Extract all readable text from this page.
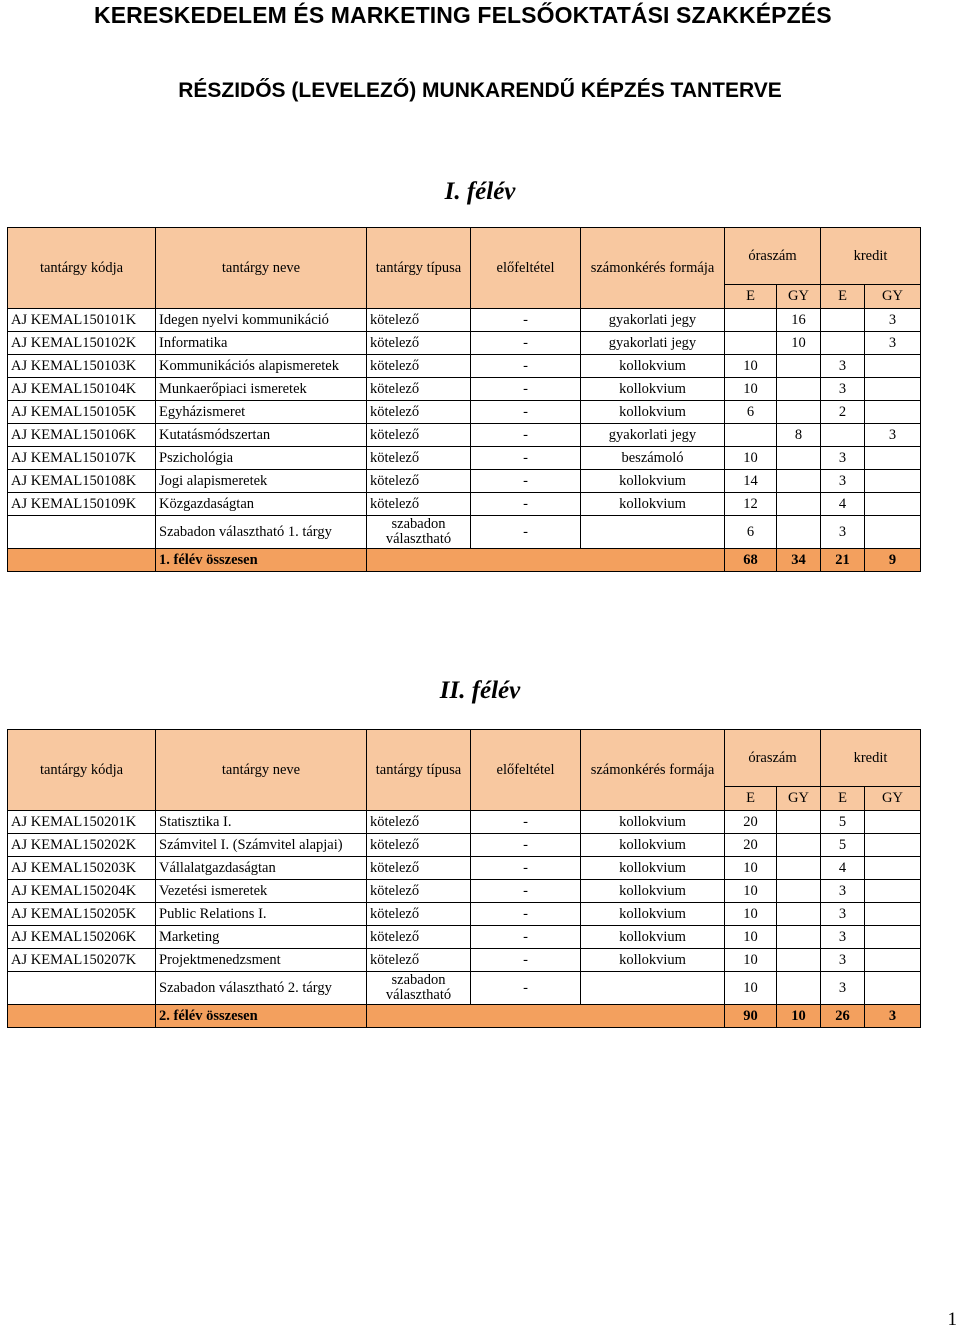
KERESKEDELEM ÉS MARKETING FELSŐOKTATÁSI SZAKKÉPZÉS
RÉSZIDŐS (LEVELEZŐ) MUNKARENDŰ KÉPZÉS TANTERVE
I. félév
tantárgy kódja	tantárgy neve	tantárgy típusa	előfeltétel	számonkérés formája	óraszám		kredit	
					E	GY	E	GY
AJ KEMAL150101K	Idegen nyelvi kommunikáció	kötelező	-	gyakorlati jegy		16		3
AJ KEMAL150102K	Informatika	kötelező	-	gyakorlati jegy		10		3
AJ KEMAL150103K	Kommunikációs alapismeretek	kötelező	-	kollokvium	10		3	
AJ KEMAL150104K	Munkaerőpiaci ismeretek	kötelező	-	kollokvium	10		3	
AJ KEMAL150105K	Egyházismeret	kötelező	-	kollokvium	6		2	
AJ KEMAL150106K	Kutatásmódszertan	kötelező	-	gyakorlati jegy		8		3
AJ KEMAL150107K	Pszichológia	kötelező	-	beszámoló	10		3	
AJ KEMAL150108K	Jogi alapismeretek	kötelező	-	kollokvium	14		3	
AJ KEMAL150109K	Közgazdaságtan	kötelező	-	kollokvium	12		4	
	Szabadon választható 1. tárgy	szabadon választható	-		6		3	
	1. félév összesen				68	34	21	9
II. félév
tantárgy kódja	tantárgy neve	tantárgy típusa	előfeltétel	számonkérés formája	óraszám		kredit	
					E	GY	E	GY
AJ KEMAL150201K	Statisztika I.	kötelező	-	kollokvium	20		5	
AJ KEMAL150202K	Számvitel I. (Számvitel alapjai)	kötelező	-	kollokvium	20		5	
AJ KEMAL150203K	Vállalatgazdaságtan	kötelező	-	kollokvium	10		4	
AJ KEMAL150204K	Vezetési ismeretek	kötelező	-	kollokvium	10		3	
AJ KEMAL150205K	Public Relations I.	kötelező	-	kollokvium	10		3	
AJ KEMAL150206K	Marketing	kötelező	-	kollokvium	10		3	
AJ KEMAL150207K	Projektmenedzsment	kötelező	-	kollokvium	10		3	
	Szabadon választható 2. tárgy	szabadon választható	-		10		3	
	2. félév összesen				90	10	26	3
1
